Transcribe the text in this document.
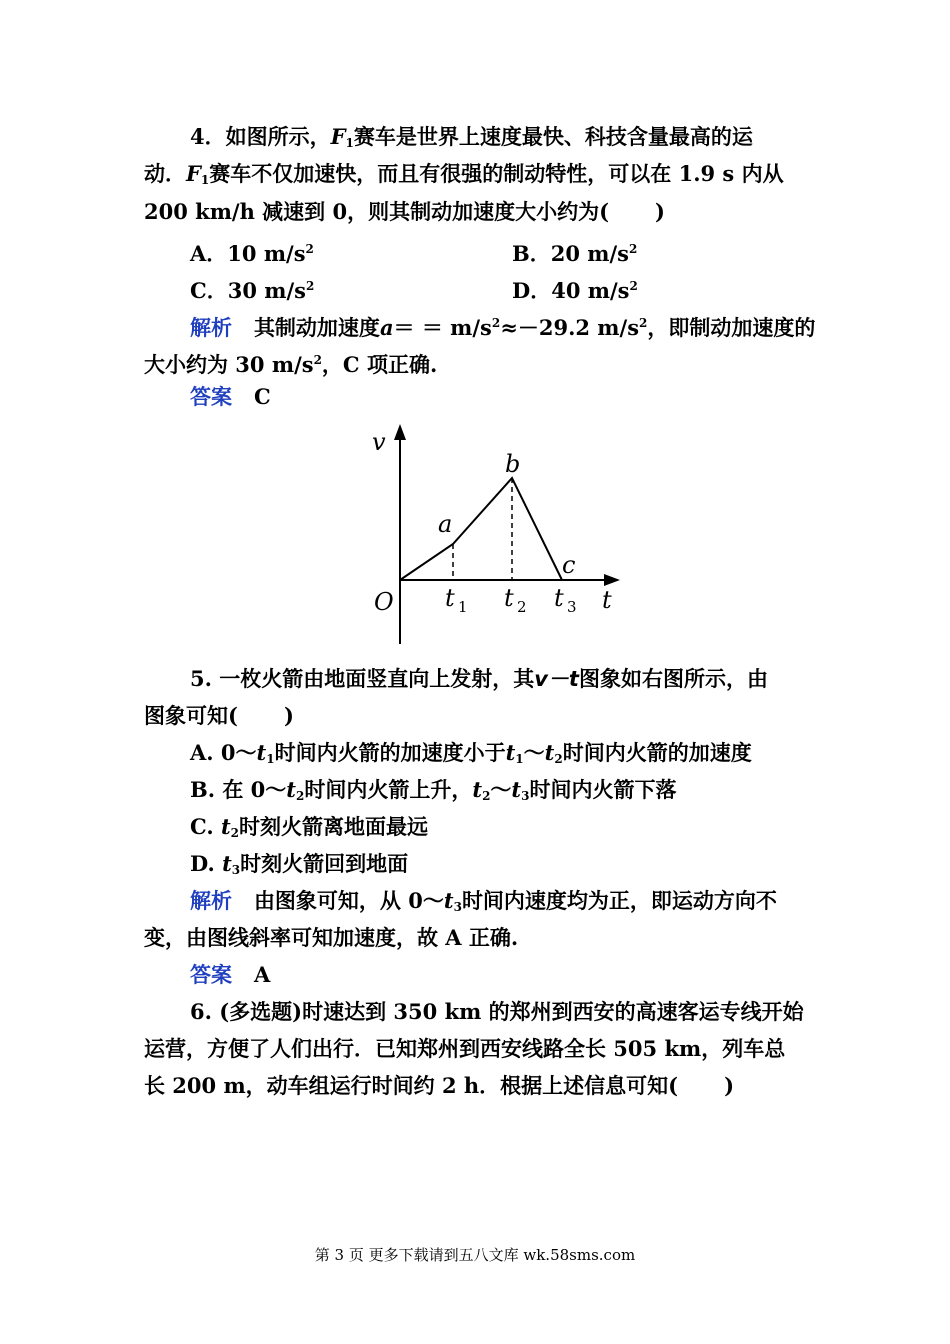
4．如图所示，$F_1$赛车是世界上速度最快、科技含量最高的运
动．$F_1$赛车不仅加速快，而且有很强的制动特性，可以在 1.9 s 内从
200 km/h 减速到 0，则其制动加速度大小约为( )
A．10 $m/s^2$	B．20 $m/s^2$
C．30 $m/s^2$	D．40 $m/s^2$
解析 其制动加速度$a= = m/s^2\approx-29.2$ $m/s^2$，即制动加速度的
大小约为 30 $m/s^2$，C 项正确.
答案 C
v
O
a
b
c
t
t 1 t 2 t 3
5. 一枚火箭由地面竖直向上发射，其v－t图象如右图所示，由
图象可知( )
A. $0\sim t_1$时间内火箭的加速度小于$t_1\sim t_2$时间内火箭的加速度
B. 在 $0\sim t_2$时间内火箭上升，$t_2\sim t_3$时间内火箭下落
C. $t_2$时刻火箭离地面最远
D. $t_3$时刻火箭回到地面
解析 由图象可知，从 $0\sim t_3$时间内速度均为正，即运动方向不
变，由图线斜率可知加速度，故 A 正确.
答案 A
6. (多选题)时速达到 350 km 的郑州到西安的高速客运专线开始
运营，方便了人们出行．已知郑州到西安线路全长 505 km，列车总
长 200 m，动车组运行时间约 2 h．根据上述信息可知( )
第 3 页 更多下载请到五八文库 wk.58sms.com
